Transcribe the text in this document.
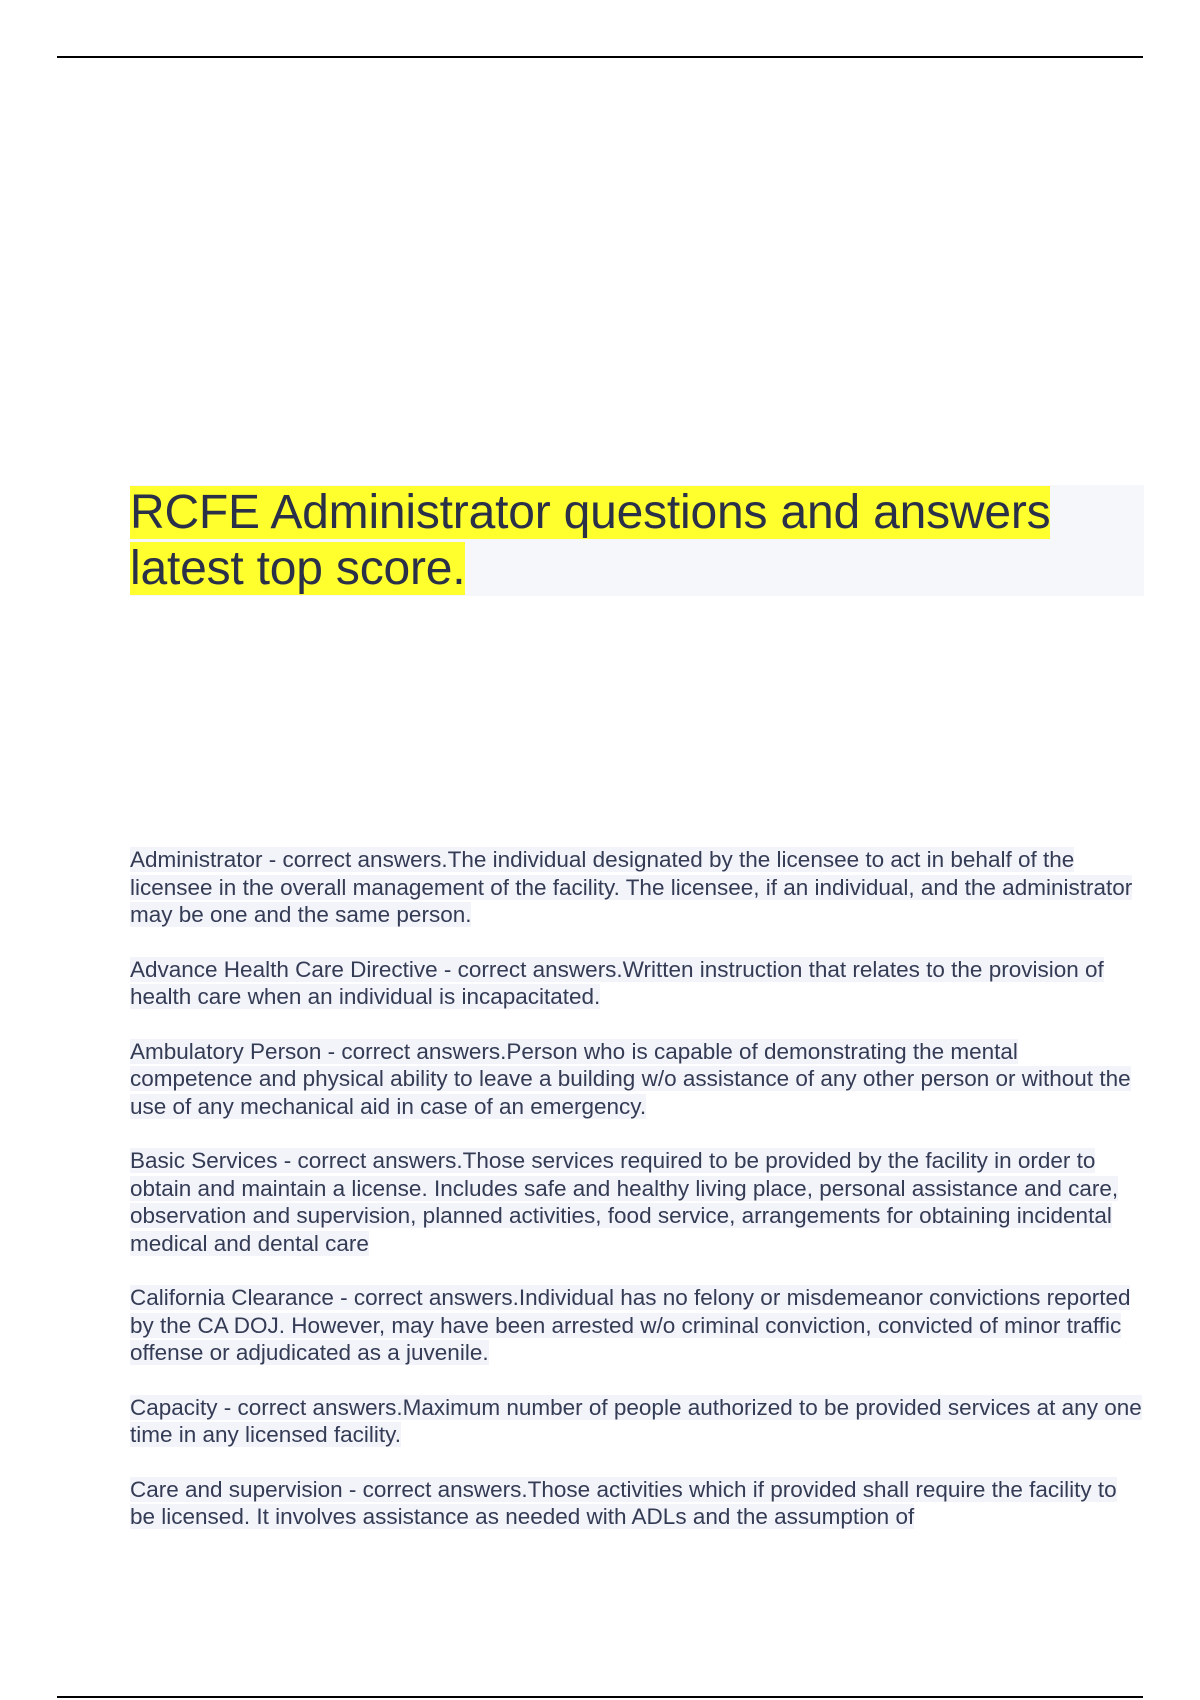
RCFE Administrator questions and answers latest top score.

Administrator - correct answers.The individual designated by the licensee to act in behalf of the licensee in the overall management of the facility. The licensee, if an individual, and the administrator may be one and the same person.

Advance Health Care Directive - correct answers.Written instruction that relates to the provision of health care when an individual is incapacitated.

Ambulatory Person - correct answers.Person who is capable of demonstrating the mental competence and physical ability to leave a building w/o assistance of any other person or without the use of any mechanical aid in case of an emergency.

Basic Services - correct answers.Those services required to be provided by the facility in order to obtain and maintain a license. Includes safe and healthy living place, personal assistance and care, observation and supervision, planned activities, food service, arrangements for obtaining incidental medical and dental care

California Clearance - correct answers.Individual has no felony or misdemeanor convictions reported by the CA DOJ. However, may have been arrested w/o criminal conviction, convicted of minor traffic offense or adjudicated as a juvenile.

Capacity - correct answers.Maximum number of people authorized to be provided services at any one time in any licensed facility.

Care and supervision - correct answers.Those activities which if provided shall require the facility to be licensed. It involves assistance as needed with ADLs and the assumption of
